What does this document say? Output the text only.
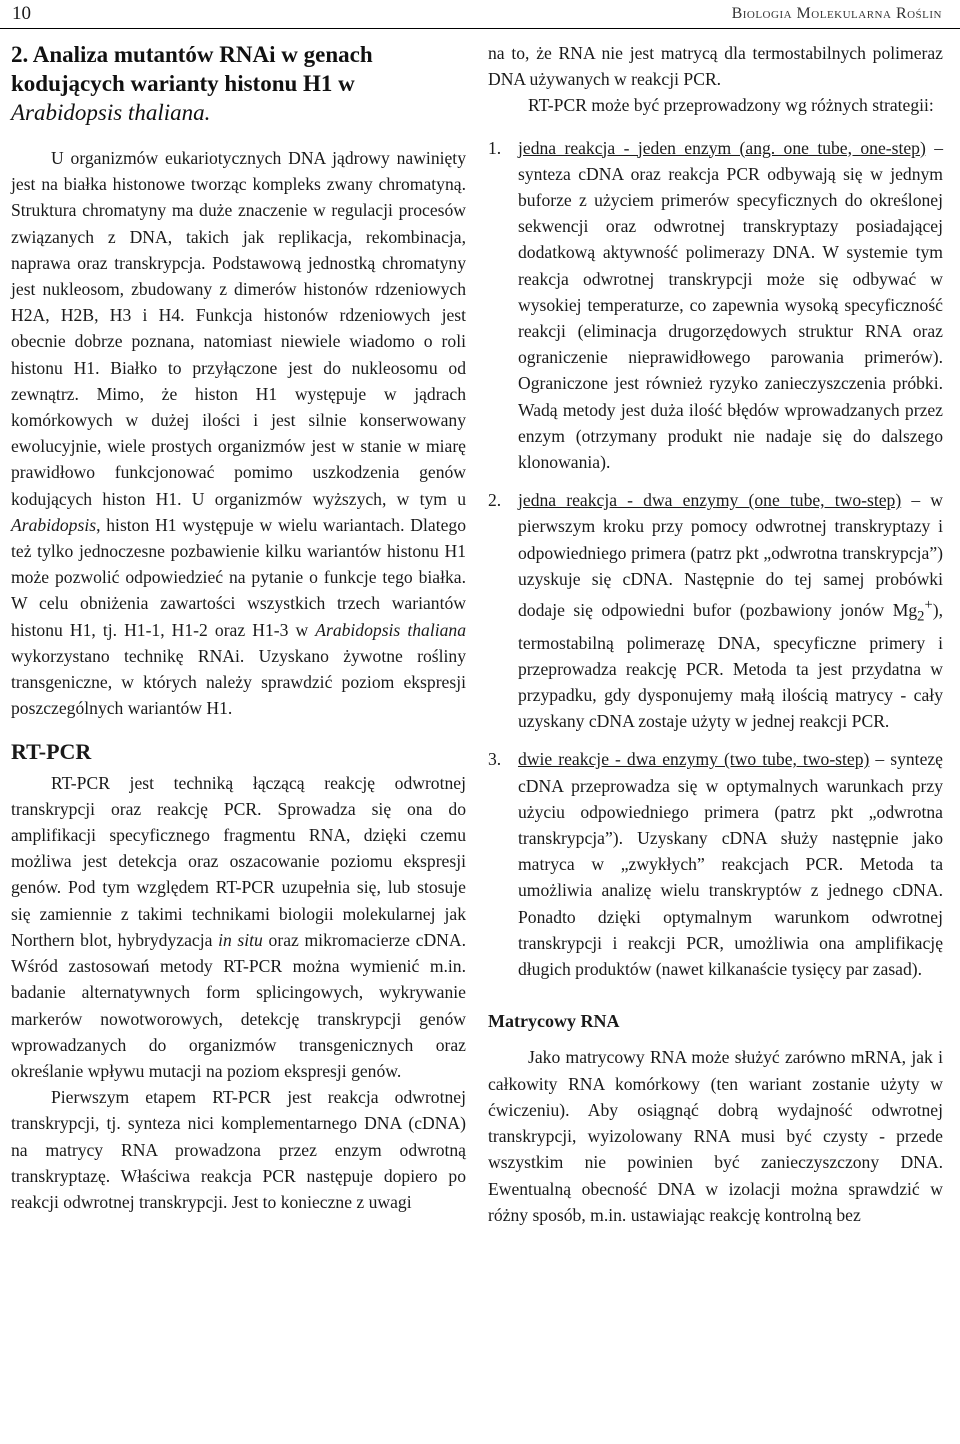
10	Biologia Molekularna Roślin
2. Analiza mutantów RNAi w genach kodujących warianty histonu H1 w Arabidopsis thaliana.

U organizmów eukariotycznych DNA jądrowy nawinięty jest na białka histonowe tworząc kompleks zwany chromatyną. Struktura chromatyny ma duże znaczenie w regulacji procesów związanych z DNA, takich jak replikacja, rekombinacja, naprawa oraz transkrypcja. Podstawową jednostką chromatyny jest nukleosom, zbudowany z dimerów histonów rdzeniowych H2A, H2B, H3 i H4. Funkcja histonów rdzeniowych jest obecnie dobrze poznana, natomiast niewiele wiadomo o roli histonu H1. Białko to przyłączone jest do nukleosomu od zewnątrz. Mimo, że histon H1 występuje w jądrach komórkowych w dużej ilości i jest silnie konserwowany ewolucyjnie, wiele prostych organizmów jest w stanie w miarę prawidłowo funkcjonować pomimo uszkodzenia genów kodujących histon H1. U organizmów wyższych, w tym u Arabidopsis, histon H1 występuje w wielu wariantach. Dlatego też tylko jednoczesne pozbawienie kilku wariantów histonu H1 może pozwolić odpowiedzieć na pytanie o funkcje tego białka. W celu obniżenia zawartości wszystkich trzech wariantów histonu H1, tj. H1-1, H1-2 oraz H1-3 w Arabidopsis thaliana wykorzystano technikę RNAi. Uzyskano żywotne rośliny transgeniczne, w których należy sprawdzić poziom ekspresji poszczególnych wariantów H1.

RT-PCR

RT-PCR jest techniką łączącą reakcję odwrotnej transkrypcji oraz reakcję PCR. Sprowadza się ona do amplifikacji specyficznego fragmentu RNA, dzięki czemu możliwa jest detekcja oraz oszacowanie poziomu ekspresji genów. Pod tym względem RT-PCR uzupełnia się, lub stosuje się zamiennie z takimi technikami biologii molekularnej jak Northern blot, hybrydyzacja in situ oraz mikromacierze cDNA. Wśród zastosowań metody RT-PCR można wymienić m.in. badanie alternatywnych form splicingowych, wykrywanie markerów nowotworowych, detekcję transkrypcji genów wprowadzanych do organizmów transgenicznych oraz określanie wpływu mutacji na poziom ekspresji genów.

Pierwszym etapem RT-PCR jest reakcja odwrotnej transkrypcji, tj. synteza nici komplementarnego DNA (cDNA) na matrycy RNA prowadzona przez enzym odwrotną transkryptazę. Właściwa reakcja PCR następuje dopiero po reakcji odwrotnej transkrypcji. Jest to konieczne z uwagi

na to, że RNA nie jest matrycą dla termostabilnych polimeraz DNA używanych w reakcji PCR.

RT-PCR może być przeprowadzony wg różnych strategii:

1. jedna reakcja - jeden enzym (ang. one tube, one-step) – synteza cDNA oraz reakcja PCR odbywają się w jednym buforze z użyciem primerów specyficznych do określonej sekwencji oraz odwrotnej transkryptazy posiadającej dodatkową aktywność polimerazy DNA. W systemie tym reakcja odwrotnej transkrypcji może się odbywać w wysokiej temperaturze, co zapewnia wysoką specyficzność reakcji (eliminacja drugorzędowych struktur RNA oraz ograniczenie nieprawidłowego parowania primerów). Ograniczone jest również ryzyko zanieczyszczenia próbki. Wadą metody jest duża ilość błędów wprowadzanych przez enzym (otrzymany produkt nie nadaje się do dalszego klonowania).
2. jedna reakcja - dwa enzymy (one tube, two-step) – w pierwszym kroku przy pomocy odwrotnej transkryptazy i odpowiedniego primera (patrz pkt „odwrotna transkrypcja”) uzyskuje się cDNA. Następnie do tej samej probówki dodaje się odpowiedni bufor (pozbawiony jonów $Mg_2^+$), termostabilną polimerazę DNA, specyficzne primery i przeprowadza reakcję PCR. Metoda ta jest przydatna w przypadku, gdy dysponujemy małą ilością matrycy - cały uzyskany cDNA zostaje użyty w jednej reakcji PCR.
3. dwie reakcje - dwa enzymy (two tube, two-step) – syntezę cDNA przeprowadza się w optymalnych warunkach przy użyciu odpowiedniego primera (patrz pkt „odwrotna transkrypcja”). Uzyskany cDNA służy następnie jako matryca w „zwykłych” reakcjach PCR. Metoda ta umożliwia analizę wielu transkryptów z jednego cDNA. Ponadto dzięki optymalnym warunkom odwrotnej transkrypcji i reakcji PCR, umożliwia ona amplifikację długich produktów (nawet kilkanaście tysięcy par zasad).
Matrycowy RNA

Jako matrycowy RNA może służyć zarówno mRNA, jak i całkowity RNA komórkowy (ten wariant zostanie użyty w ćwiczeniu). Aby osiągnąć dobrą wydajność odwrotnej transkrypcji, wyizolowany RNA musi być czysty - przede wszystkim nie powinien być zanieczyszczony DNA. Ewentualną obecność DNA w izolacji można sprawdzić w różny sposób, m.in. ustawiając reakcję kontrolną bez
